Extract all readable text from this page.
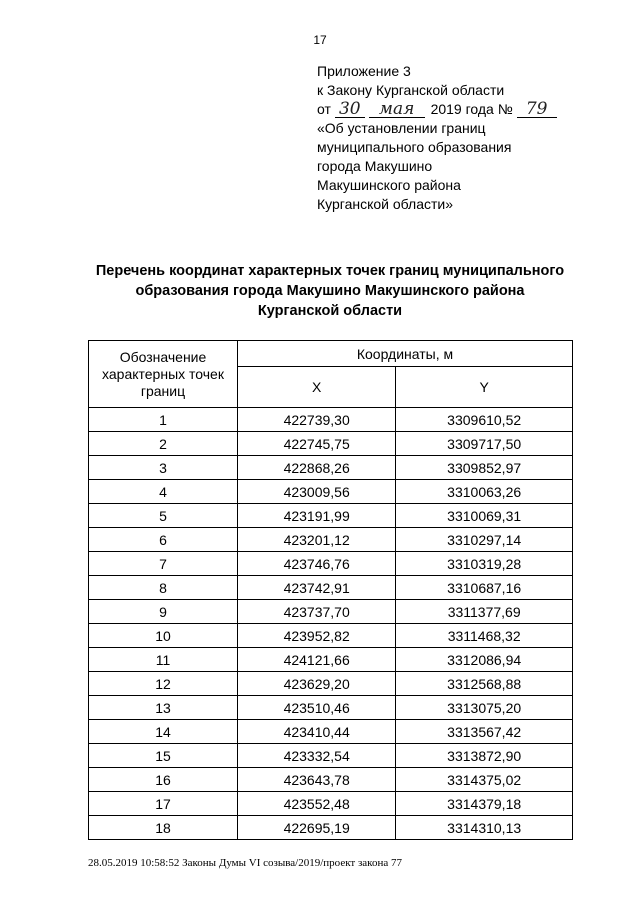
17
Приложение 3
к Закону Курганской области
от 30 мая 2019 года № 79
«Об установлении границ
муниципального образования
города Макушино
Макушинского района
Курганской области»
Перечень координат характерных точек границ муниципального
образования города Макушино Макушинского района
Курганской области
Обозначение характерных точек границ	Координаты, м	
	X	Y
1	422739,30	3309610,52
2	422745,75	3309717,50
3	422868,26	3309852,97
4	423009,56	3310063,26
5	423191,99	3310069,31
6	423201,12	3310297,14
7	423746,76	3310319,28
8	423742,91	3310687,16
9	423737,70	3311377,69
10	423952,82	3311468,32
11	424121,66	3312086,94
12	423629,20	3312568,88
13	423510,46	3313075,20
14	423410,44	3313567,42
15	423332,54	3313872,90
16	423643,78	3314375,02
17	423552,48	3314379,18
18	422695,19	3314310,13
28.05.2019 10:58:52 Законы Думы VI созыва/2019/проект закона 77
